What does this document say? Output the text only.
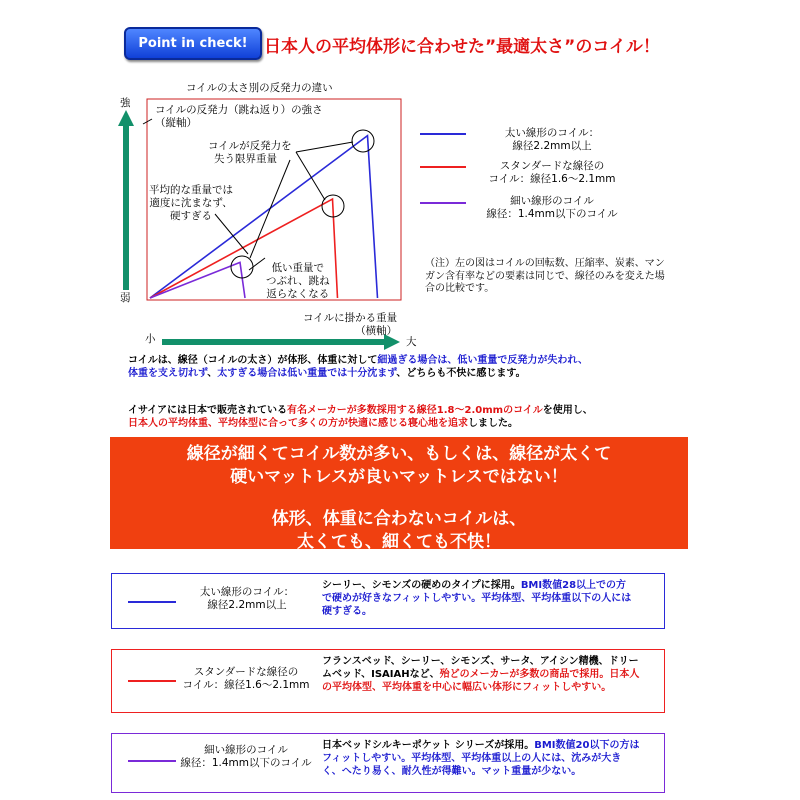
Point in check! 日本人の平均体形に合わせた”最適太さ”のコイル！
コイルの太さ別の反発力の違い
強
弱
小	大
コイルの反発力（跳ね返り）の強さ
（縦軸）
コイルが反発力を
失う限界重量
平均的な重量では
適度に沈まなず、
硬すぎる
低い重量で
つぶれ、跳ね
返らなくなる
コイルに掛かる重量
（横軸）
太い線形のコイル：
線径2.2mm以上
スタンダードな線径の
コイル：線径1.6～2.1mm
細い線形のコイル
線径：1.4mm以下のコイル
（注）左の図はコイルの回転数、圧縮率、炭素、マンガン含有率などの要素は同じで、線径のみを変えた場合の比較です。
コイルは、線径（コイルの太さ）が体形、体重に対して細過ぎる場合は、低い重量で反発力が失われ、
体重を支え切れず、太すぎる場合は低い重量では十分沈まず、どちらも不快に感じます。
イサイアには日本で販売されている有名メーカーが多数採用する線径1.8～2.0mmのコイルを使用し、
日本人の平均体重、平均体型に合って多くの方が快適に感じる寝心地を追求しました。
線径が細くてコイル数が多い、もしくは、線径が太くて
硬いマットレスが良いマットレスではない！
体形、体重に合わないコイルは、
太くても、細くても不快！
太い線形のコイル：
線径2.2mm以上
シーリー、シモンズの硬めのタイプに採用。BMI数値28以上での方で硬めが好きなフィットしやすい。平均体型、平均体重以下の人には硬すぎる。
スタンダードな線径の
コイル：線径1.6～2.1mm
フランスベッド、シーリー、シモンズ、サータ、アイシン精機、ドリームベッド、ISAIAHなど、殆どのメーカーが多数の商品で採用。日本人の平均体型、平均体重を中心に幅広い体形にフィットしやすい。
細い線形のコイル
線径：1.4mm以下のコイル
日本ベッドシルキーポケット シリーズが採用。BMI数値20以下の方はフィットしやすい。平均体型、平均体重以上の人には、沈みが大きく、へたり易く、耐久性が得難い。マット重量が少ない。
